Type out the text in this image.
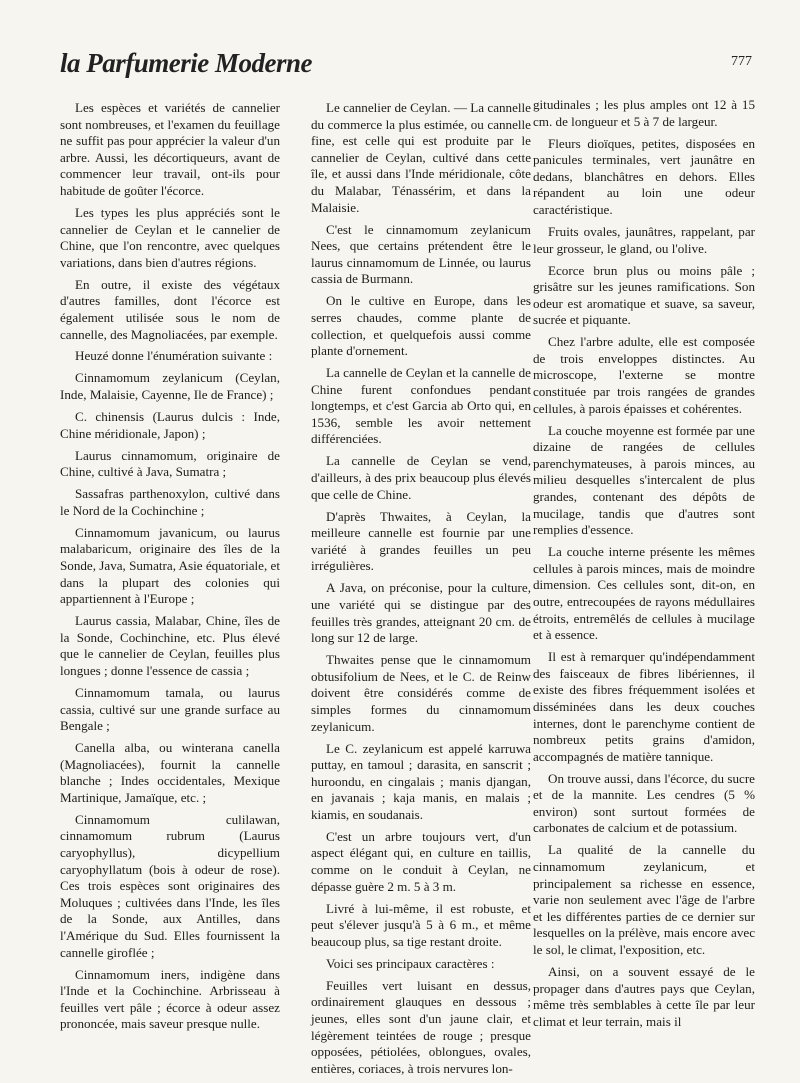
la Parfumerie Moderne	777

Les espèces et variétés de cannelier sont nombreuses, et l'examen du feuillage ne suffit pas pour apprécier la valeur d'un arbre. Aussi, les décortiqueurs, avant de commencer leur travail, ont-ils pour habitude de goûter l'écorce.

Les types les plus appréciés sont le cannelier de Ceylan et le cannelier de Chine, que l'on rencontre, avec quelques variations, dans bien d'autres régions.

En outre, il existe des végétaux d'autres familles, dont l'écorce est également utilisée sous le nom de cannelle, des Magnoliacées, par exemple.

Heuzé donne l'énumération suivante :

Cinnamomum zeylanicum (Ceylan, Inde, Malaisie, Cayenne, Ile de France) ;

C. chinensis (Laurus dulcis : Inde, Chine méridionale, Japon) ;

Laurus cinnamomum, originaire de Chine, cultivé à Java, Sumatra ;

Sassafras parthenoxylon, cultivé dans le Nord de la Cochinchine ;

Cinnamomum javanicum, ou laurus malabaricum, originaire des îles de la Sonde, Java, Sumatra, Asie équatoriale, et dans la plupart des colonies qui appartiennent à l'Europe ;

Laurus cassia, Malabar, Chine, îles de la Sonde, Cochinchine, etc. Plus élevé que le cannelier de Ceylan, feuilles plus longues ; donne l'essence de cassia ;

Cinnamomum tamala, ou laurus cassia, cultivé sur une grande surface au Bengale ;

Canella alba, ou winterana canella (Magnoliacées), fournit la cannelle blanche ; Indes occidentales, Mexique Martinique, Jamaïque, etc. ;

Cinnamomum culilawan, cinnamomum rubrum (Laurus caryophyllus), dicypellium caryophyllatum (bois à odeur de rose). Ces trois espèces sont originaires des Moluques ; cultivées dans l'Inde, les îles de la Sonde, aux Antilles, dans l'Amérique du Sud. Elles fournissent la cannelle giroflée ;

Cinnamomum iners, indigène dans l'Inde et la Cochinchine. Arbrisseau à feuilles vert pâle ; écorce à odeur assez prononcée, mais saveur presque nulle.

Le cannelier de Ceylan. — La cannelle du commerce la plus estimée, ou cannelle fine, est celle qui est produite par le cannelier de Ceylan, cultivé dans cette île, et aussi dans l'Inde méridionale, côte du Malabar, Ténassérim, et dans la Malaisie.

C'est le cinnamomum zeylanicum Nees, que certains prétendent être le laurus cinnamomum de Linnée, ou laurus cassia de Burmann.

On le cultive en Europe, dans les serres chaudes, comme plante de collection, et quelquefois aussi comme plante d'ornement.

La cannelle de Ceylan et la cannelle de Chine furent confondues pendant longtemps, et c'est Garcia ab Orto qui, en 1536, semble les avoir nettement différenciées.

La cannelle de Ceylan se vend, d'ailleurs, à des prix beaucoup plus élevés que celle de Chine.

D'après Thwaites, à Ceylan, la meilleure cannelle est fournie par une variété à grandes feuilles un peu irrégulières.

A Java, on préconise, pour la culture, une variété qui se distingue par des feuilles très grandes, atteignant 20 cm. de long sur 12 de large.

Thwaites pense que le cinnamomum obtusifolium de Nees, et le C. de Reinw doivent être considérés comme de simples formes du cinnamomum zeylanicum.

Le C. zeylanicum est appelé karruwa puttay, en tamoul ; darasita, en sanscrit ; huroondu, en cingalais ; manis djangan, en javanais ; kaja manis, en malais ; kiamis, en soudanais.

C'est un arbre toujours vert, d'un aspect élégant qui, en culture en taillis, comme on le conduit à Ceylan, ne dépasse guère 2 m. 5 à 3 m.

Livré à lui-même, il est robuste, et peut s'élever jusqu'à 5 à 6 m., et même beaucoup plus, sa tige restant droite.

Voici ses principaux caractères :

Feuilles vert luisant en dessus, ordinairement glauques en dessous ; jeunes, elles sont d'un jaune clair, et légèrement teintées de rouge ; presque opposées, pétiolées, oblongues, ovales, entières, coriaces, à trois nervures lon-

gitudinales ; les plus amples ont 12 à 15 cm. de longueur et 5 à 7 de largeur.

Fleurs dioïques, petites, disposées en panicules terminales, vert jaunâtre en dedans, blanchâtres en dehors. Elles répandent au loin une odeur caractéristique.

Fruits ovales, jaunâtres, rappelant, par leur grosseur, le gland, ou l'olive.

Ecorce brun plus ou moins pâle ; grisâtre sur les jeunes ramifications. Son odeur est aromatique et suave, sa saveur, sucrée et piquante.

Chez l'arbre adulte, elle est composée de trois enveloppes distinctes. Au microscope, l'externe se montre constituée par trois rangées de grandes cellules, à parois épaisses et cohérentes.

La couche moyenne est formée par une dizaine de rangées de cellules parenchymateuses, à parois minces, au milieu desquelles s'intercalent de plus grandes, contenant des dépôts de mucilage, tandis que d'autres sont remplies d'essence.

La couche interne présente les mêmes cellules à parois minces, mais de moindre dimension. Ces cellules sont, dit-on, en outre, entrecoupées de rayons médullaires étroits, entremêlés de cellules à mucilage et à essence.

Il est à remarquer qu'indépendamment des faisceaux de fibres libériennes, il existe des fibres fréquemment isolées et disséminées dans les deux couches internes, dont le parenchyme contient de nombreux petits grains d'amidon, accompagnés de matière tannique.

On trouve aussi, dans l'écorce, du sucre et de la mannite. Les cendres (5 % environ) sont surtout formées de carbonates de calcium et de potassium.

La qualité de la cannelle du cinnamomum zeylanicum, et principalement sa richesse en essence, varie non seulement avec l'âge de l'arbre et les différentes parties de ce dernier sur lesquelles on la prélève, mais encore avec le sol, le climat, l'exposition, etc.

Ainsi, on a souvent essayé de le propager dans d'autres pays que Ceylan, même très semblables à cette île par leur climat et leur terrain, mais il
